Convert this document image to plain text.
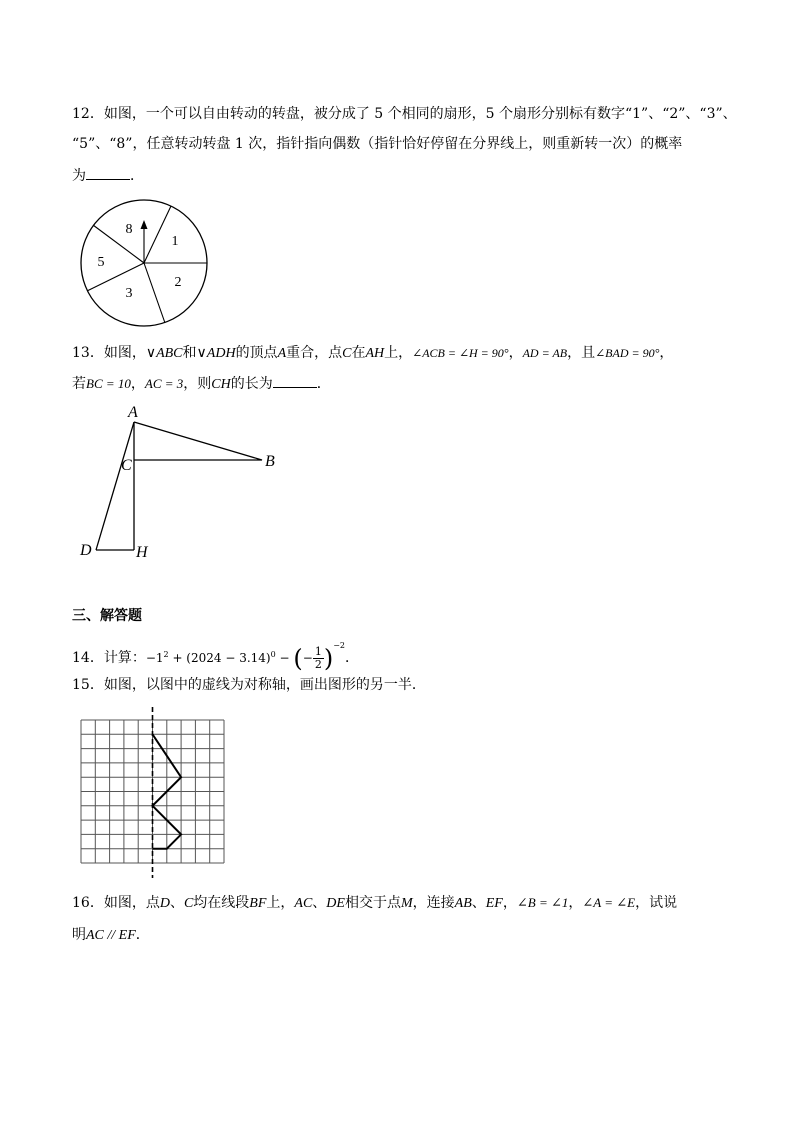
12．如图，一个可以自由转动的转盘，被分成了 5 个相同的扇形，5 个扇形分别标有数字“1”、“2”、“3”、
“5”、“8”，任意转动转盘 1 次，指针指向偶数（指针恰好停留在分界线上，则重新转一次）的概率
为	．
1
2
3
5
8
13．如图，∨ABC和∨ADH的顶点A重合，点C在AH上，∠ACB = ∠H = 90°，AD = AB，且∠BAD = 90°，
若BC = 10，AC = 3，则CH的长为	．
A
B
C
D	H
三、解答题
14．计算：$-1^2 + (2024 - 3.14)^0$ − (− $\frac{1}{2} )^{-2}$．
15．如图，以图中的虚线为对称轴，画出图形的另一半．
16．如图，点D、C均在线段BF上，AC、DE相交于点M，连接AB、EF，∠B = ∠1，∠A = ∠E，试说
明AC // EF．
